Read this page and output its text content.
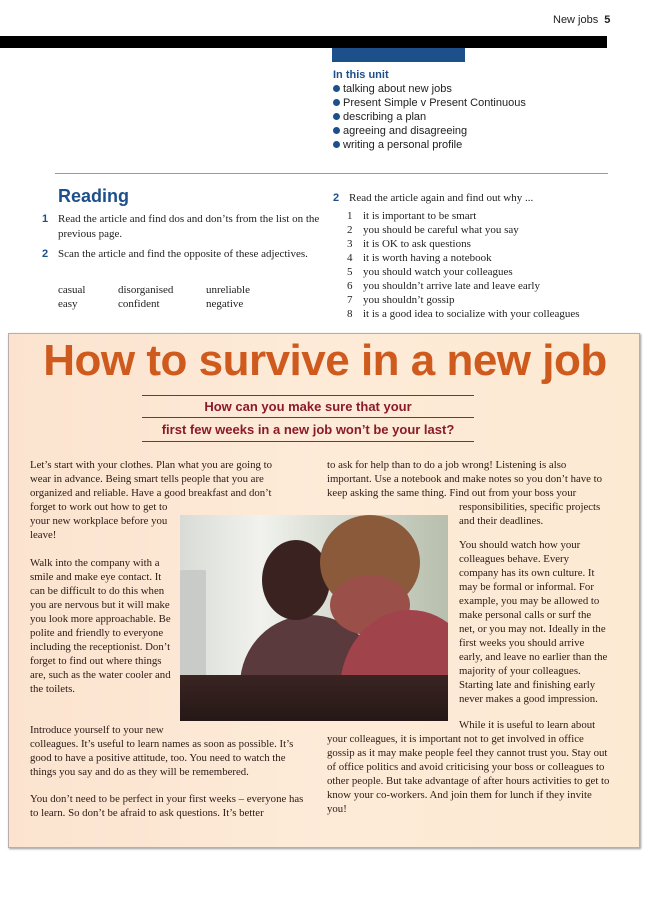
New jobs 5
In this unit
talking about new jobs
Present Simple v Present Continuous
describing a plan
agreeing and disagreeing
writing a personal profile
Reading
1 Read the article and find dos and don’ts from the list on the previous page.
2 Scan the article and find the opposite of these adjectives.
casual	disorganised	unreliable
easy	confident	negative
2 Read the article again and find out why ...
1 it is important to be smart
2 you should be careful what you say
3 it is OK to ask questions
4 it is worth having a notebook
5 you should watch your colleagues
6 you shouldn’t arrive late and leave early
7 you shouldn’t gossip
8 it is a good idea to socialize with your colleagues
How to survive in a new job
How can you make sure that your
first few weeks in a new job won’t be your last?
Let’s start with your clothes. Plan what you are going to wear in advance. Being smart tells people that you are organized and reliable. Have a good breakfast and don’t
forget to work out how to get to your new workplace before you leave!
Walk into the company with a smile and make eye contact. It can be difficult to do this when you are nervous but it will make you look more approachable. Be polite and friendly to everyone including the receptionist. Don’t forget to find out where things are, such as the water cooler and the toilets.
Introduce yourself to your new
colleagues. It’s useful to learn names as soon as possible. It’s good to have a positive attitude, too. You need to watch the things you say and do as they will be remembered.
You don’t need to be perfect in your first weeks – everyone has to learn. So don’t be afraid to ask questions. It’s better
to ask for help than to do a job wrong! Listening is also important. Use a notebook and make notes so you don’t have to keep asking the same thing. Find out from your boss your
responsibilities, specific projects and their deadlines.
You should watch how your colleagues behave. Every company has its own culture. It may be formal or informal. For example, you may be allowed to make personal calls or surf the net, or you may not. Ideally in the first weeks you should arrive early, and leave no earlier than the majority of your colleagues. Starting late and finishing early never makes a good impression.
While it is useful to learn about
your colleagues, it is important not to get involved in office gossip as it may make people feel they cannot trust you. Stay out of office politics and avoid criticising your boss or colleagues to other people. But take advantage of after hours activities to get to know your co-workers. And join them for lunch if they invite you!
